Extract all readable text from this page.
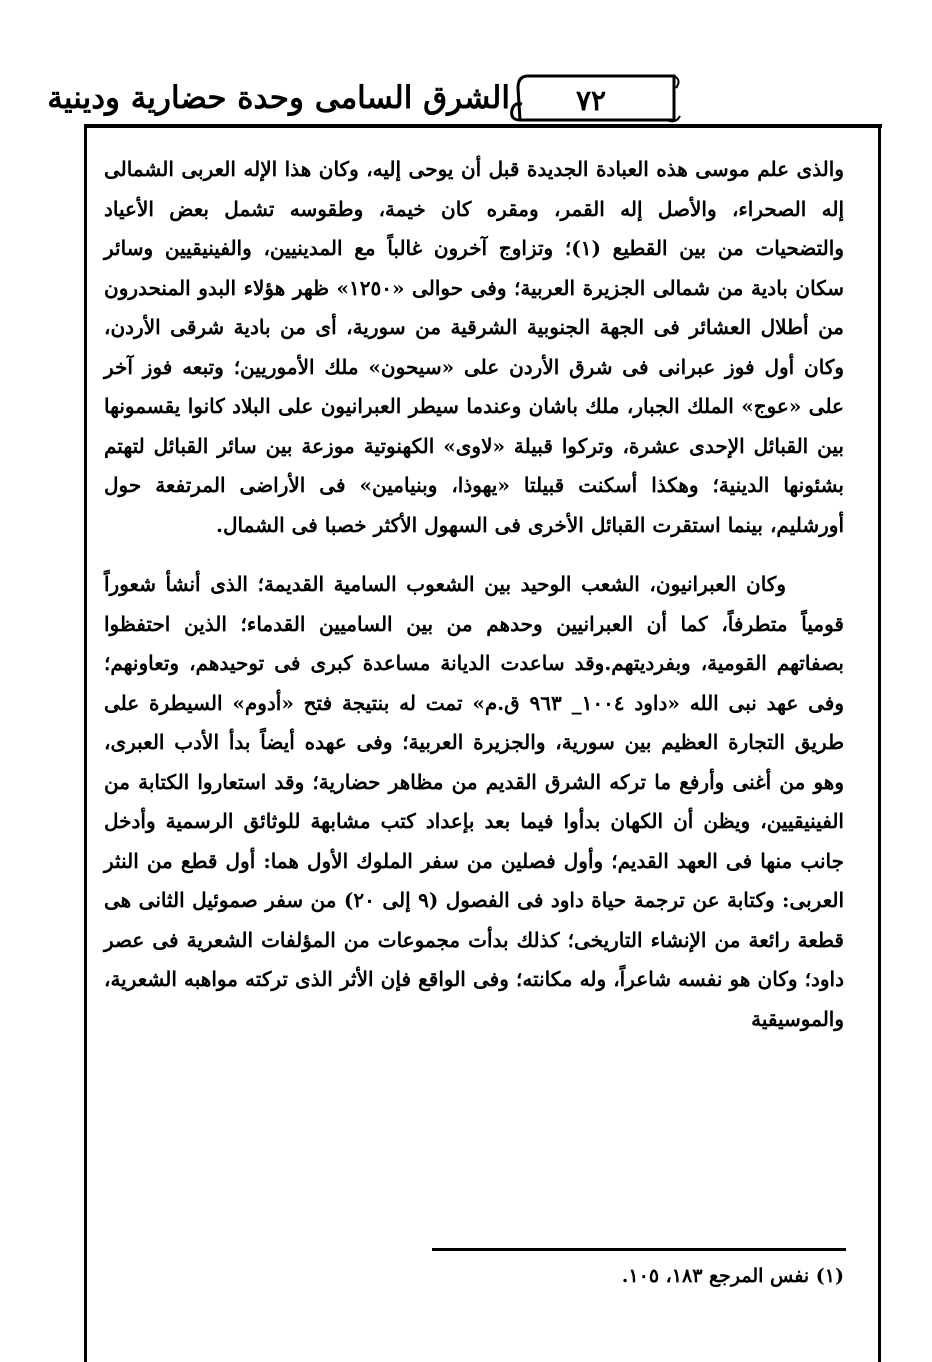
الشرق السامى وحدة حضارية ودينية	٧٢

والذى علم موسى هذه العبادة الجديدة قبل أن يوحى إليه، وكان هذا الإله العربى الشمالى إله الصحراء، والأصل إله القمر، ومقره كان خيمة، وطقوسه تشمل بعض الأعياد والتضحيات من بين القطيع (١)؛ وتزاوج آخرون غالباً مع المدينيين، والفينيقيين وسائر سكان بادية من شمالى الجزيرة العربية؛ وفى حوالى «١٢٥٠» ظهر هؤلاء البدو المنحدرون من أطلال العشائر فى الجهة الجنوبية الشرقية من سورية، أى من بادية شرقى الأردن، وكان أول فوز عبرانى فى شرق الأردن على «سيحون» ملك الأموريين؛ وتبعه فوز آخر على «عوج» الملك الجبار، ملك باشان وعندما سيطر العبرانيون على البلاد كانوا يقسمونها بين القبائل الإحدى عشرة، وتركوا قبيلة «لاوى» الكهنوتية موزعة بين سائر القبائل لتهتم بشئونها الدينية؛ وهكذا أسكنت قبيلتا «يهوذا، وبنيامين» فى الأراضى المرتفعة حول أورشليم، بينما استقرت القبائل الأخرى فى السهول الأكثر خصبا فى الشمال.

وكان العبرانيون، الشعب الوحيد بين الشعوب السامية القديمة؛ الذى أنشأ شعوراً قومياً متطرفاً، كما أن العبرانيين وحدهم من بين الساميين القدماء؛ الذين احتفظوا بصفاتهم القومية، وبفرديتهم.وقد ساعدت الديانة مساعدة كبرى فى توحيدهم، وتعاونهم؛ وفى عهد نبى الله «داود ١٠٠٤_ ٩٦٣ ق.م» تمت له بنتيجة فتح «أدوم» السيطرة على طريق التجارة العظيم بين سورية، والجزيرة العربية؛ وفى عهده أيضاً بدأ الأدب العبرى، وهو من أغنى وأرفع ما تركه الشرق القديم من مظاهر حضارية؛ وقد استعاروا الكتابة من الفينيقيين، ويظن أن الكهان بدأوا فيما بعد بإعداد كتب مشابهة للوثائق الرسمية وأدخل جانب منها فى العهد القديم؛ وأول فصلين من سفر الملوك الأول هما: أول قطع من النثر العربى: وكتابة عن ترجمة حياة داود فى الفصول (٩ إلى ٢٠) من سفر صموئيل الثانى هى قطعة رائعة من الإنشاء التاريخى؛ كذلك بدأت مجموعات من المؤلفات الشعرية فى عصر داود؛ وكان هو نفسه شاعراً، وله مكانته؛ وفى الواقع فإن الأثر الذى تركته مواهبه الشعرية، والموسيقية

(١) نفس المرجع ١٨٣، ١٠٥.
